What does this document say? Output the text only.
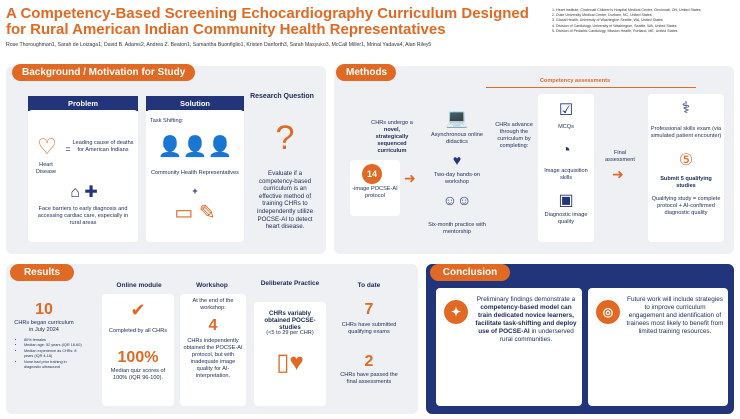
A Competency-Based Screening Echocardiography Curriculum Designed for Rural American Indian Community Health Representatives
Rose Thoroughman1, Sarah de Loizaga1, David B. Adams2, Andrea Z. Beaton1, Samantha Buonfiglio1, Kristen Danforth3, Sarah Masyuko3, McCall Miller1, Mrinal Yadava4, Alan Riley5
1. Heart Institute, Cincinnati Children's Hospital Medical Center, Cincinnati, OH, United States
2. Duke University Medical Center, Durham, NC, United States
3. Global Health, University of Washington Seattle, WA, United States
4. Division of Cardiology, University of Washington, Seattle, WA, United States
5. Division of Pediatric Cardiology, Mission Health, Portland, ME, United States
Background / Motivation for Study
Problem	Solution
Research Question
♡
Heart Disease
=
Leading cause of deaths for American Indians
⌂ ✚
Face barriers to early diagnosis and accessing cardiac care, especially in rural areas
Task Shifting:
👤👤👤
Community Health Representatives
+
▭ ✎
Evaluate if a competency-based curriculum is an effective method of training CHRs to independently utilize POCSE-AI to detect heart disease.
?
Methods
Competency assessments
CHRs undergo a novel, strategically sequenced curriculum
14
-image POCSE-AI protocol
➜
💻
Asynchronous online didactics
♥
Two-day hands-on workshop
☺☺
Six-month practice with mentorship
CHRs advance through the curriculum by completing:
☑
MCQs
◔
Image acquisition skills
▣
Diagnostic image quality
Final assessment
➜
⚕
Professional skills exam (via simulated patient encounter)
⑤
Submit 5 qualifying studies
Qualifying study = complete protocol + AI-confirmed diagnostic quality
Results
Online module	Workshop	Deliberate Practice	To date
10
CHRs began curriculum in July 2024
• 80% females
• Median age: 52 years (IQR 18-60)
• Median experience as CHRs: 8 years (IQR 4-16)
• None had prior training in diagnostic ultrasound
✔
Completed by all CHRs
100%
Median quiz scores of 100% (IQR 96-100).
At the end of the workshop:
4
CHRs independently obtained the POCSE-AI protocol, but with inadequate image quality for AI-interpretation.
CHRs variably obtained POCSE-studies
(<5 to 29 per CHR)
▯♥
7
CHRs have submitted qualifying exams
2
CHRs have passed the final assessments
Conclusion
✦
Preliminary findings demonstrate a competency-based model can train dedicated novice learners, facilitate task-shifting and deploy use of POCSE-AI in underserved rural communities.
◎
Future work will include strategies to improve curriculum engagement and identification of trainees most likely to benefit from limited training resources.
